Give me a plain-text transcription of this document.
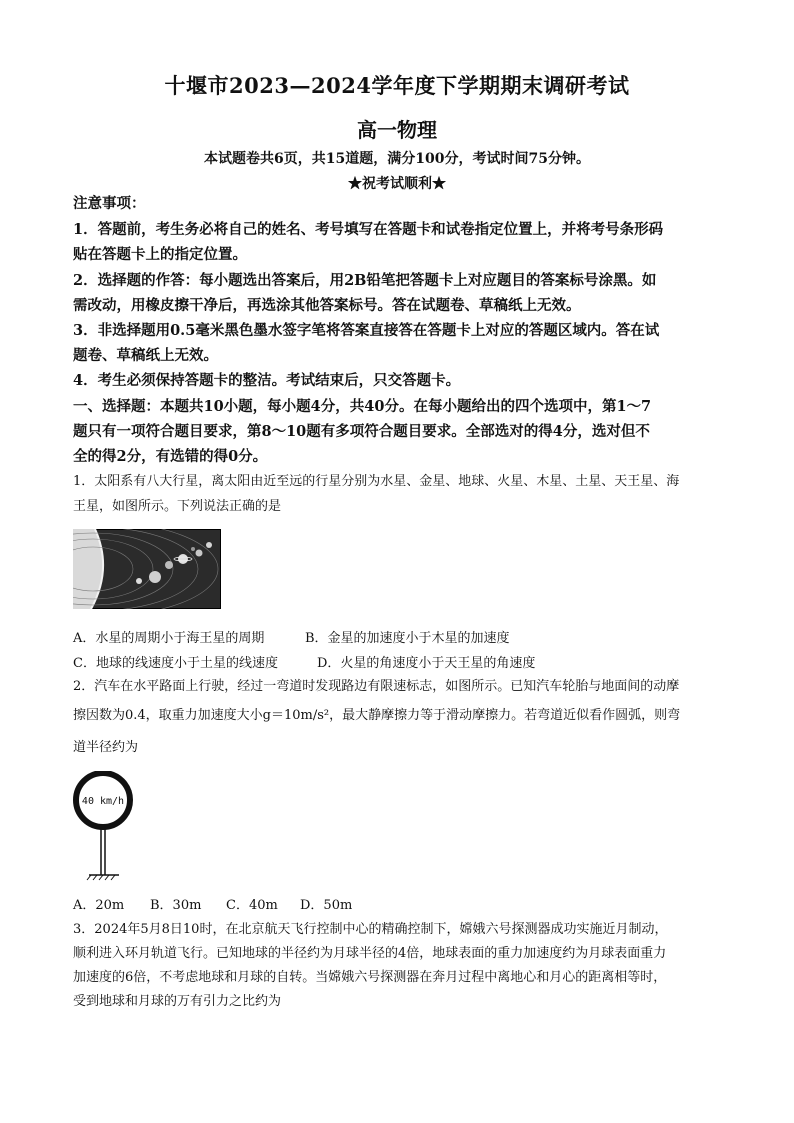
十堰市2023—2024学年度下学期期末调研考试
高一物理
本试题卷共6页，共15道题，满分100分，考试时间75分钟。
★祝考试顺利★
注意事项：
1．答题前，考生务必将自己的姓名、考号填写在答题卡和试卷指定位置上，并将考号条形码
贴在答题卡上的指定位置。
2．选择题的作答：每小题选出答案后，用2B铅笔把答题卡上对应题目的答案标号涂黑。如
需改动，用橡皮擦干净后，再选涂其他答案标号。答在试题卷、草稿纸上无效。
3．非选择题用0.5毫米黑色墨水签字笔将答案直接答在答题卡上对应的答题区域内。答在试
题卷、草稿纸上无效。
4．考生必须保持答题卡的整洁。考试结束后，只交答题卡。
一、选择题：本题共10小题，每小题4分，共40分。在每小题给出的四个选项中，第1～7
题只有一项符合题目要求，第8～10题有多项符合题目要求。全部选对的得4分，选对但不
全的得2分，有选错的得0分。
1．太阳系有八大行星，离太阳由近至远的行星分别为水星、金星、地球、火星、木星、土星、天王星、海
王星，如图所示。下列说法正确的是
A．水星的周期小于海王星的周期	B．金星的加速度小于木星的加速度
C．地球的线速度小于土星的线速度	D．火星的角速度小于天王星的角速度
2．汽车在水平路面上行驶，经过一弯道时发现路边有限速标志，如图所示。已知汽车轮胎与地面间的动摩
擦因数为0.4，取重力加速度大小g＝10m/s²，最大静摩擦力等于滑动摩擦力。若弯道近似看作圆弧，则弯
道半径约为
40 km/h
A．20m B．30m C．40m D．50m
3．2024年5月8日10时，在北京航天飞行控制中心的精确控制下，嫦娥六号探测器成功实施近月制动，
顺利进入环月轨道飞行。已知地球的半径约为月球半径的4倍，地球表面的重力加速度约为月球表面重力
加速度的6倍，不考虑地球和月球的自转。当嫦娥六号探测器在奔月过程中离地心和月心的距离相等时，
受到地球和月球的万有引力之比约为
